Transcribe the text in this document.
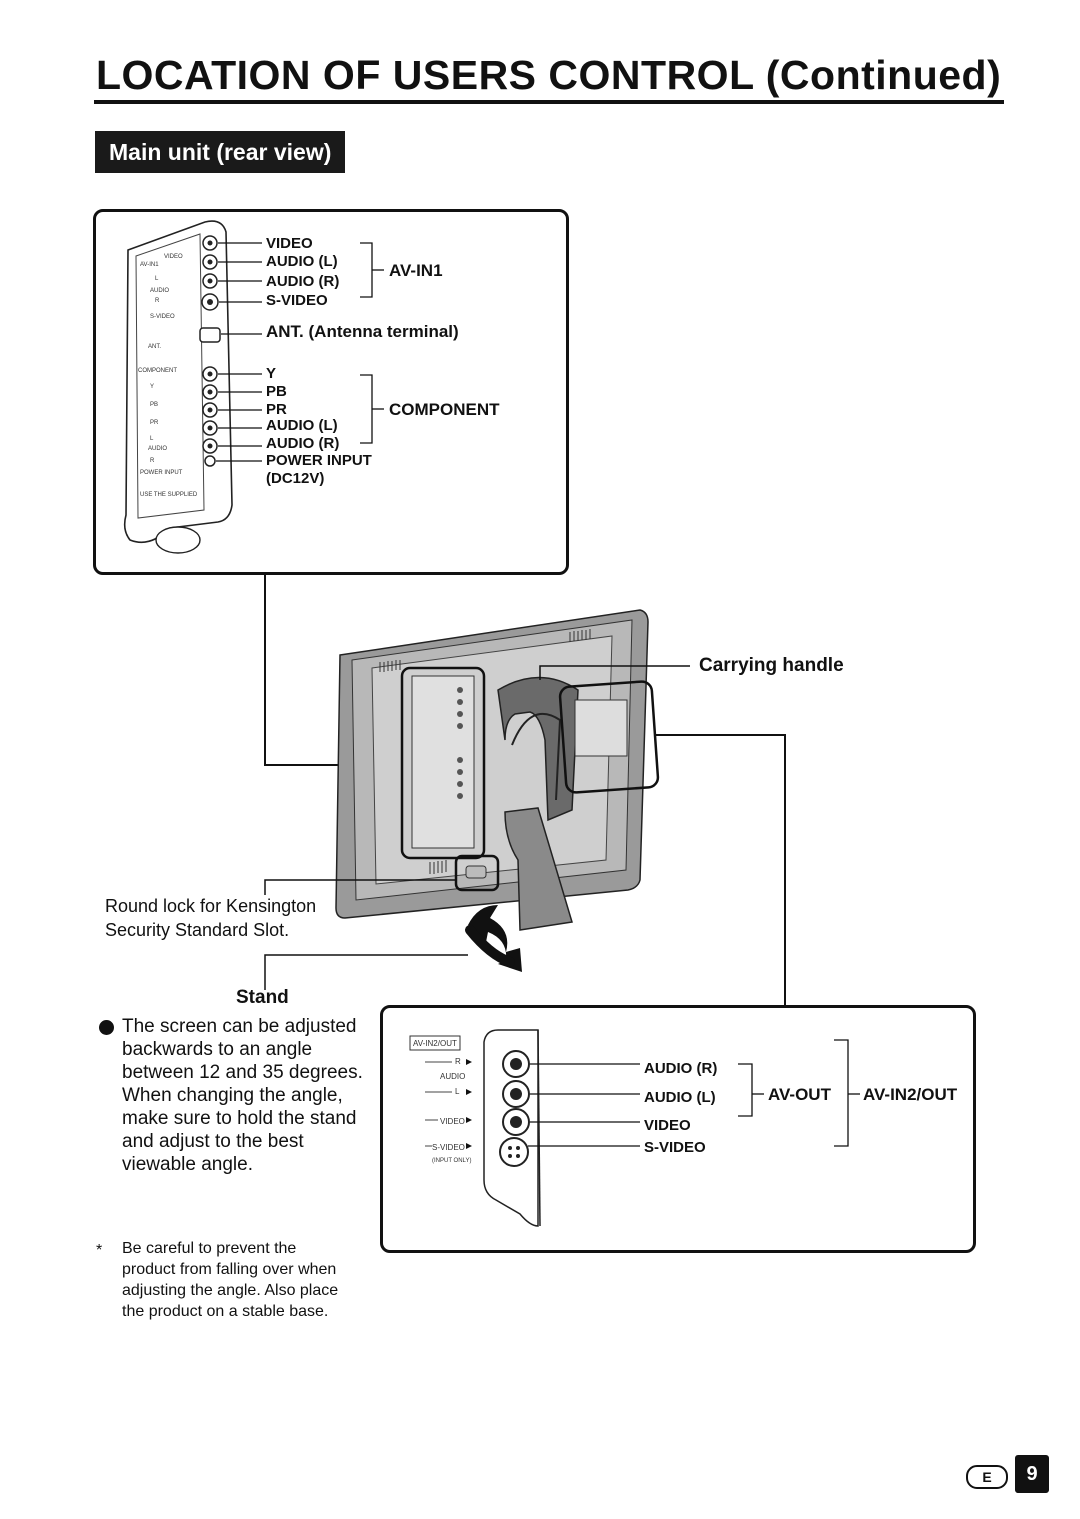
LOCATION OF USERS CONTROL (Continued)
Main unit (rear view)
AV-IN1
VIDEO
L
AUDIO
R
S-VIDEO
ANT.
COMPONENT
Y
PB
PR
L
AUDIO
R
POWER INPUT
USE THE SUPPLIED
VIDEO
AUDIO (L)
AUDIO (R)
S-VIDEO
AV-IN1
ANT. (Antenna terminal)
Y
PB
PR
AUDIO (L)
AUDIO (R)
COMPONENT
POWER INPUT
(DC12V)
Carrying handle
Round lock for Kensington
Security Standard Slot.
Stand
The screen can be adjusted backwards to an angle between 12 and 35 degrees. When changing the angle, make sure to hold the stand and adjust to the best viewable angle.
* Be careful to prevent the product from falling over when adjusting the angle. Also place the product on a stable base.
AV-IN2/OUT
R
AUDIO
L
VIDEO
S-VIDEO
(INPUT ONLY)
AUDIO (R)
AUDIO (L)
VIDEO
S-VIDEO
AV-OUT AV-IN2/OUT
E	9
